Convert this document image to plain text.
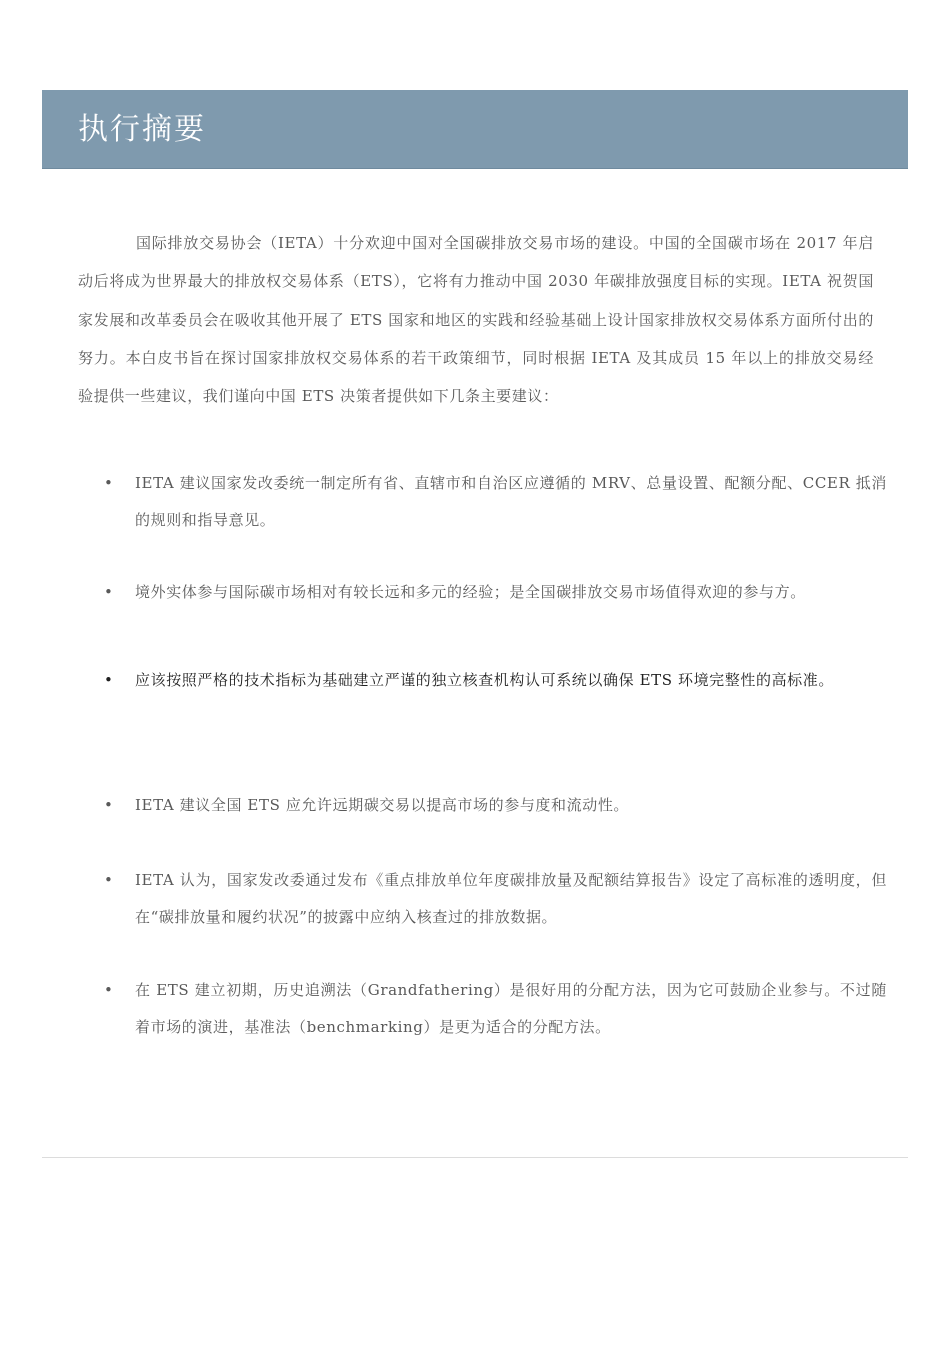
执行摘要

国际排放交易协会（IETA）十分欢迎中国对全国碳排放交易市场的建设。中国的全国碳市场在 2017 年启动后将成为世界最大的排放权交易体系（ETS），它将有力推动中国 2030 年碳排放强度目标的实现。IETA 祝贺国家发展和改革委员会在吸收其他开展了 ETS 国家和地区的实践和经验基础上设计国家排放权交易体系方面所付出的努力。本白皮书旨在探讨国家排放权交易体系的若干政策细节，同时根据 IETA 及其成员 15 年以上的排放交易经验提供一些建议，我们谨向中国 ETS 决策者提供如下几条主要建议：

•	IETA 建议国家发改委统一制定所有省、直辖市和自治区应遵循的 MRV、总量设置、配额分配、CCER 抵消的规则和指导意见。

•	境外实体参与国际碳市场相对有较长远和多元的经验；是全国碳排放交易市场值得欢迎的参与方。

•	应该按照严格的技术指标为基础建立严谨的独立核查机构认可系统以确保 ETS 环境完整性的高标准。

•	IETA 建议全国 ETS 应允许远期碳交易以提高市场的参与度和流动性。

•	IETA 认为，国家发改委通过发布《重点排放单位年度碳排放量及配额结算报告》设定了高标准的透明度，但在“碳排放量和履约状况”的披露中应纳入核查过的排放数据。

•	在 ETS 建立初期，历史追溯法（Grandfathering）是很好用的分配方法，因为它可鼓励企业参与。不过随着市场的演进，基准法（benchmarking）是更为适合的分配方法。
